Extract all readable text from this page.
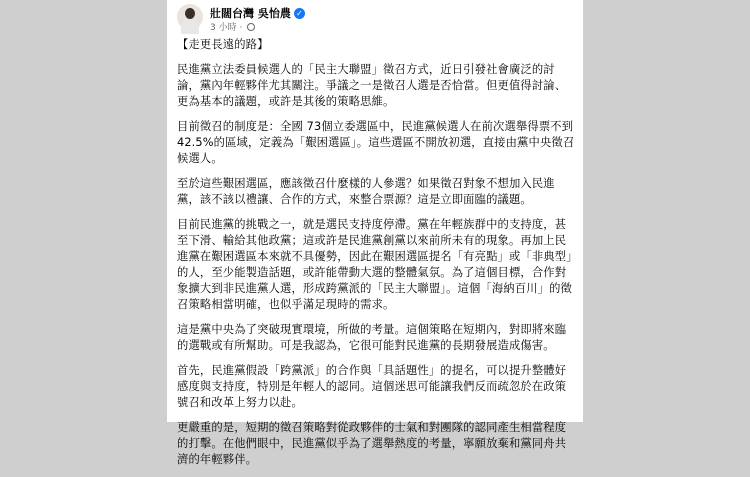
壯闊台灣 吳怡農 ✓
3 小時 ·

【走更長遠的路】

民進黨立法委員候選人的「民主大聯盟」徵召方式，近日引發社會廣泛的討論，黨內年輕夥伴尤其關注。爭議之一是徵召人選是否恰當。但更值得討論、更為基本的議題，或許是其後的策略思維。

目前徵召的制度是：全國 73個立委選區中，民進黨候選人在前次選舉得票不到42.5%的區域，定義為「艱困選區」。這些選區不開放初選，直接由黨中央徵召候選人。

至於這些艱困選區，應該徵召什麼樣的人參選？如果徵召對象不想加入民進黨，該不該以禮讓、合作的方式，來整合票源？這是立即面臨的議題。

目前民進黨的挑戰之一，就是選民支持度停滯。黨在年輕族群中的支持度，甚至下滑、輸給其他政黨；這或許是民進黨創黨以來前所未有的現象。再加上民進黨在艱困選區本來就不具優勢，因此在艱困選區提名「有亮點」或「非典型」的人，至少能製造話題，或許能帶動大選的整體氣氛。為了這個目標，合作對象擴大到非民進黨人選，形成跨黨派的「民主大聯盟」。這個「海納百川」的徵召策略相當明確，也似乎滿足現時的需求。

這是黨中央為了突破現實環境，所做的考量。這個策略在短期內，對即將來臨的選戰或有所幫助。可是我認為，它很可能對民進黨的長期發展造成傷害。

首先，民進黨假設「跨黨派」的合作與「具話題性」的提名，可以提升整體好感度與支持度，特別是年輕人的認同。這個迷思可能讓我們反而疏忽於在政策號召和改革上努力以赴。

更嚴重的是，短期的徵召策略對從政夥伴的士氣和對團隊的認同產生相當程度的打擊。在他們眼中，民進黨似乎為了選舉熱度的考量，寧願放棄和黨同舟共濟的年輕夥伴。
